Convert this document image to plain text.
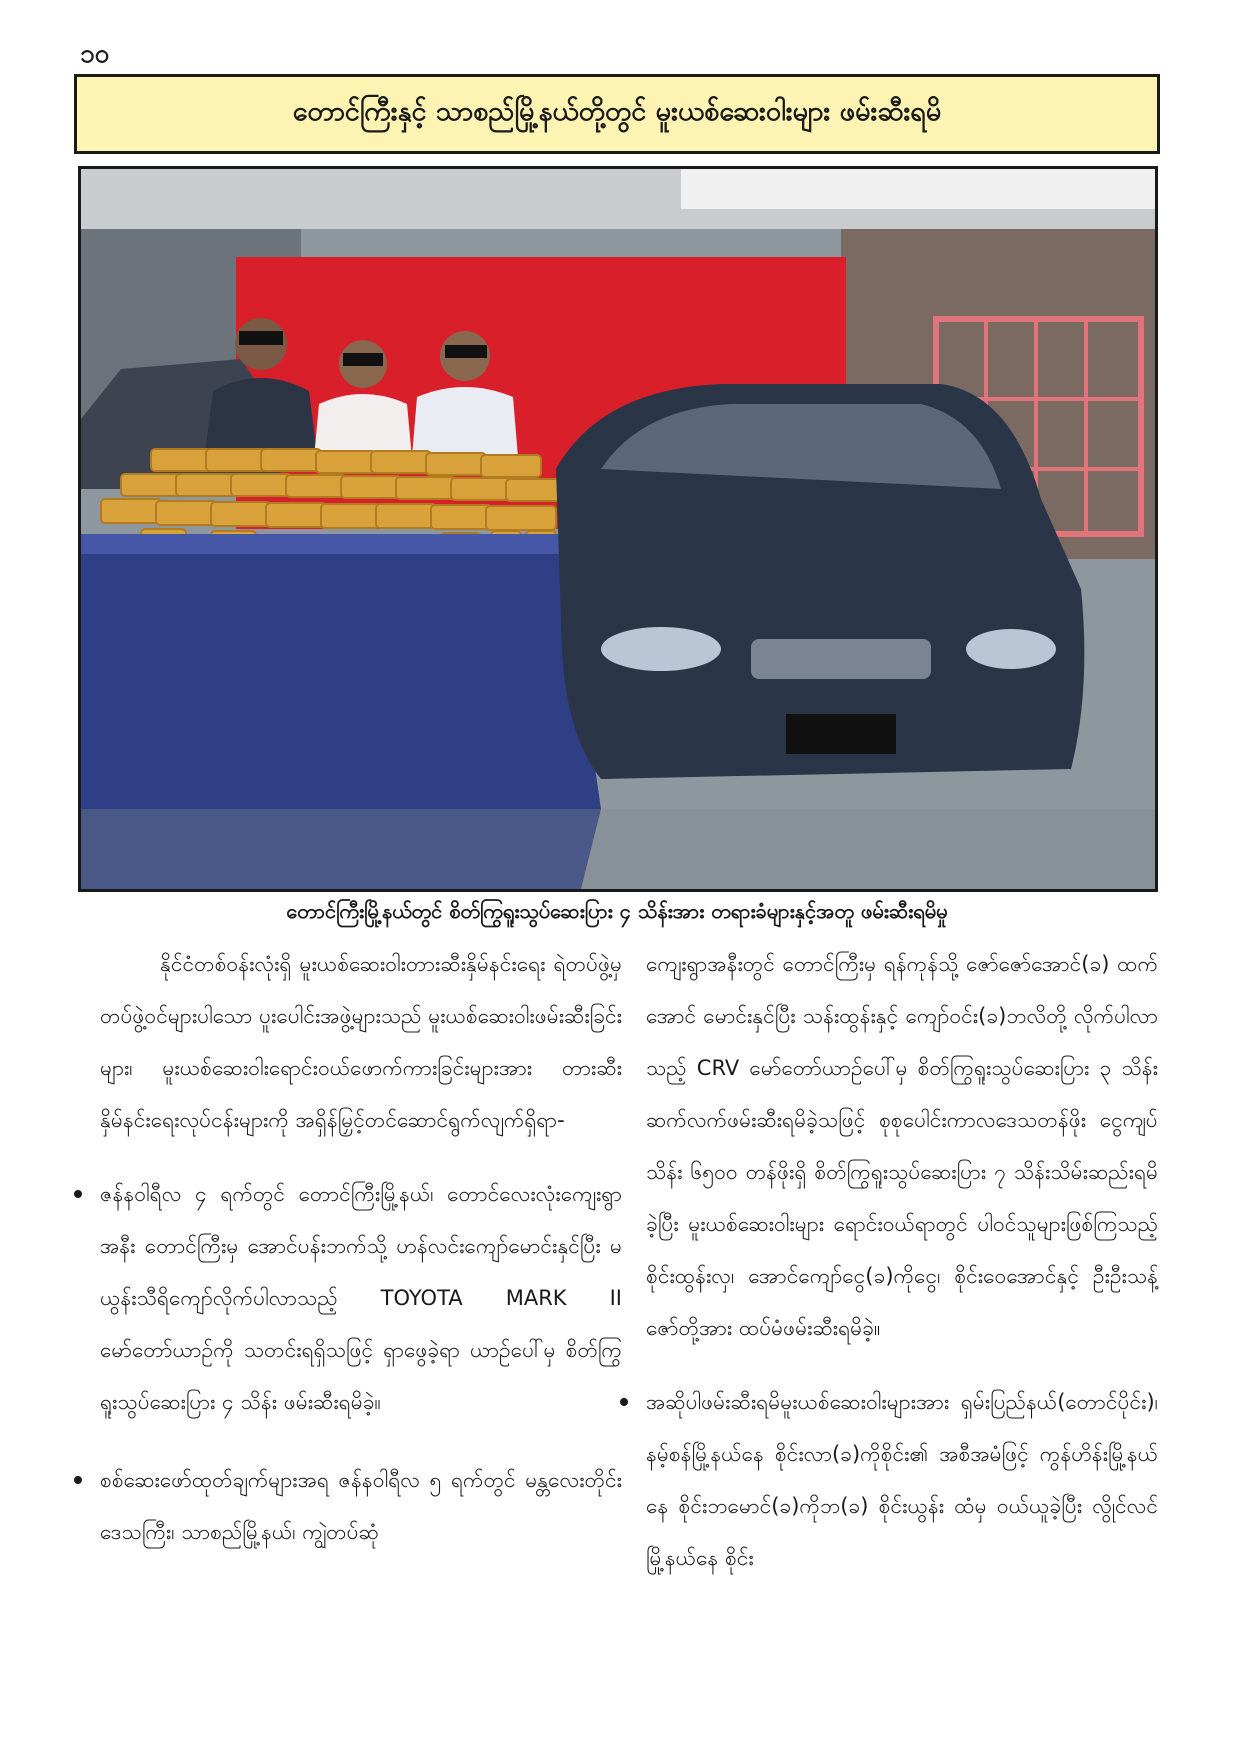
၁၀
တောင်ကြီးနှင့် သာစည်မြို့နယ်တို့တွင် မူးယစ်ဆေးဝါးများ ဖမ်းဆီးရမိ
တောင်ကြီးမြို့နယ်တွင် စိတ်ကြွရူးသွပ်ဆေးပြား ၄ သိန်းအား တရားခံများနှင့်အတူ ဖမ်းဆီးရမိမှု

နိုင်ငံတစ်ဝန်းလုံးရှိ မူးယစ်ဆေးဝါးတားဆီးနှိမ်နင်းရေး ရဲတပ်ဖွဲ့မှ တပ်ဖွဲ့ဝင်များပါသော ပူးပေါင်းအဖွဲ့များသည် မူးယစ်ဆေးဝါးဖမ်းဆီးခြင်းများ၊ မူးယစ်ဆေးဝါးရောင်းဝယ်ဖောက်ကားခြင်းများအား တားဆီးနှိမ်နင်းရေးလုပ်ငန်းများကို အရှိန်မြှင့်တင်ဆောင်ရွက်လျက်ရှိရာ-

ဇန်နဝါရီလ ၄ ရက်တွင် တောင်ကြီးမြို့နယ်၊ တောင်လေးလုံးကျေးရွာအနီး တောင်ကြီးမှ အောင်ပန်းဘက်သို့ ဟန်လင်းကျော်မောင်းနှင်ပြီး မယွန်းသီရိကျော်လိုက်ပါလာသည့် TOYOTA MARK II မော်တော်ယာဉ်ကို သတင်းရရှိသဖြင့် ရှာဖွေခဲ့ရာ ယာဉ်ပေါ်မှ စိတ်ကြွရူးသွပ်ဆေးပြား ၄ သိန်း ဖမ်းဆီးရမိခဲ့။
စစ်ဆေးဖော်ထုတ်ချက်များအရ ဇန်နဝါရီလ ၅ ရက်တွင် မန္တလေးတိုင်းဒေသကြီး၊ သာစည်မြို့နယ်၊ ကျွဲတပ်ဆုံ

ကျေးရွာအနီးတွင် တောင်ကြီးမှ ရန်ကုန်သို့ ဇော်ဇော်အောင်(ခ) ထက်အောင် မောင်းနှင်ပြီး သန်းထွန်းနှင့် ကျော်ဝင်း(ခ)ဘလိတို့ လိုက်ပါလာသည့် CRV မော်တော်ယာဉ်ပေါ်မှ စိတ်ကြွရူးသွပ်ဆေးပြား ၃ သိန်းဆက်လက်ဖမ်းဆီးရမိခဲ့သဖြင့် စုစုပေါင်းကာလဒေသတန်ဖိုး ငွေကျပ်သိန်း ၆၅၀၀ တန်ဖိုးရှိ စိတ်ကြွရူးသွပ်ဆေးပြား ၇ သိန်းသိမ်းဆည်းရမိခဲ့ပြီး မူးယစ်ဆေးဝါးများ ရောင်းဝယ်ရာတွင် ပါဝင်သူများဖြစ်ကြသည့် စိုင်းထွန်းလှ၊ အောင်ကျော်ငွေ(ခ)ကိုငွေ၊ စိုင်းဝေအောင်နှင့် ဦးဦးသန့်ဇော်တို့အား ထပ်မံဖမ်းဆီးရမိခဲ့။

အဆိုပါဖမ်းဆီးရမိမူးယစ်ဆေးဝါးများအား ရှမ်းပြည်နယ်(တောင်ပိုင်း)၊ နမ့်စန်မြို့နယ်နေ စိုင်းလာ(ခ)ကိုစိုင်း၏ အစီအမံဖြင့် ကွန်ဟိန်းမြို့နယ်နေ စိုင်းဘမောင်(ခ)ကိုဘ(ခ) စိုင်းယွန်း ထံမှ ဝယ်ယူခဲ့ပြီး လွိုင်လင်မြို့နယ်နေ စိုင်း
